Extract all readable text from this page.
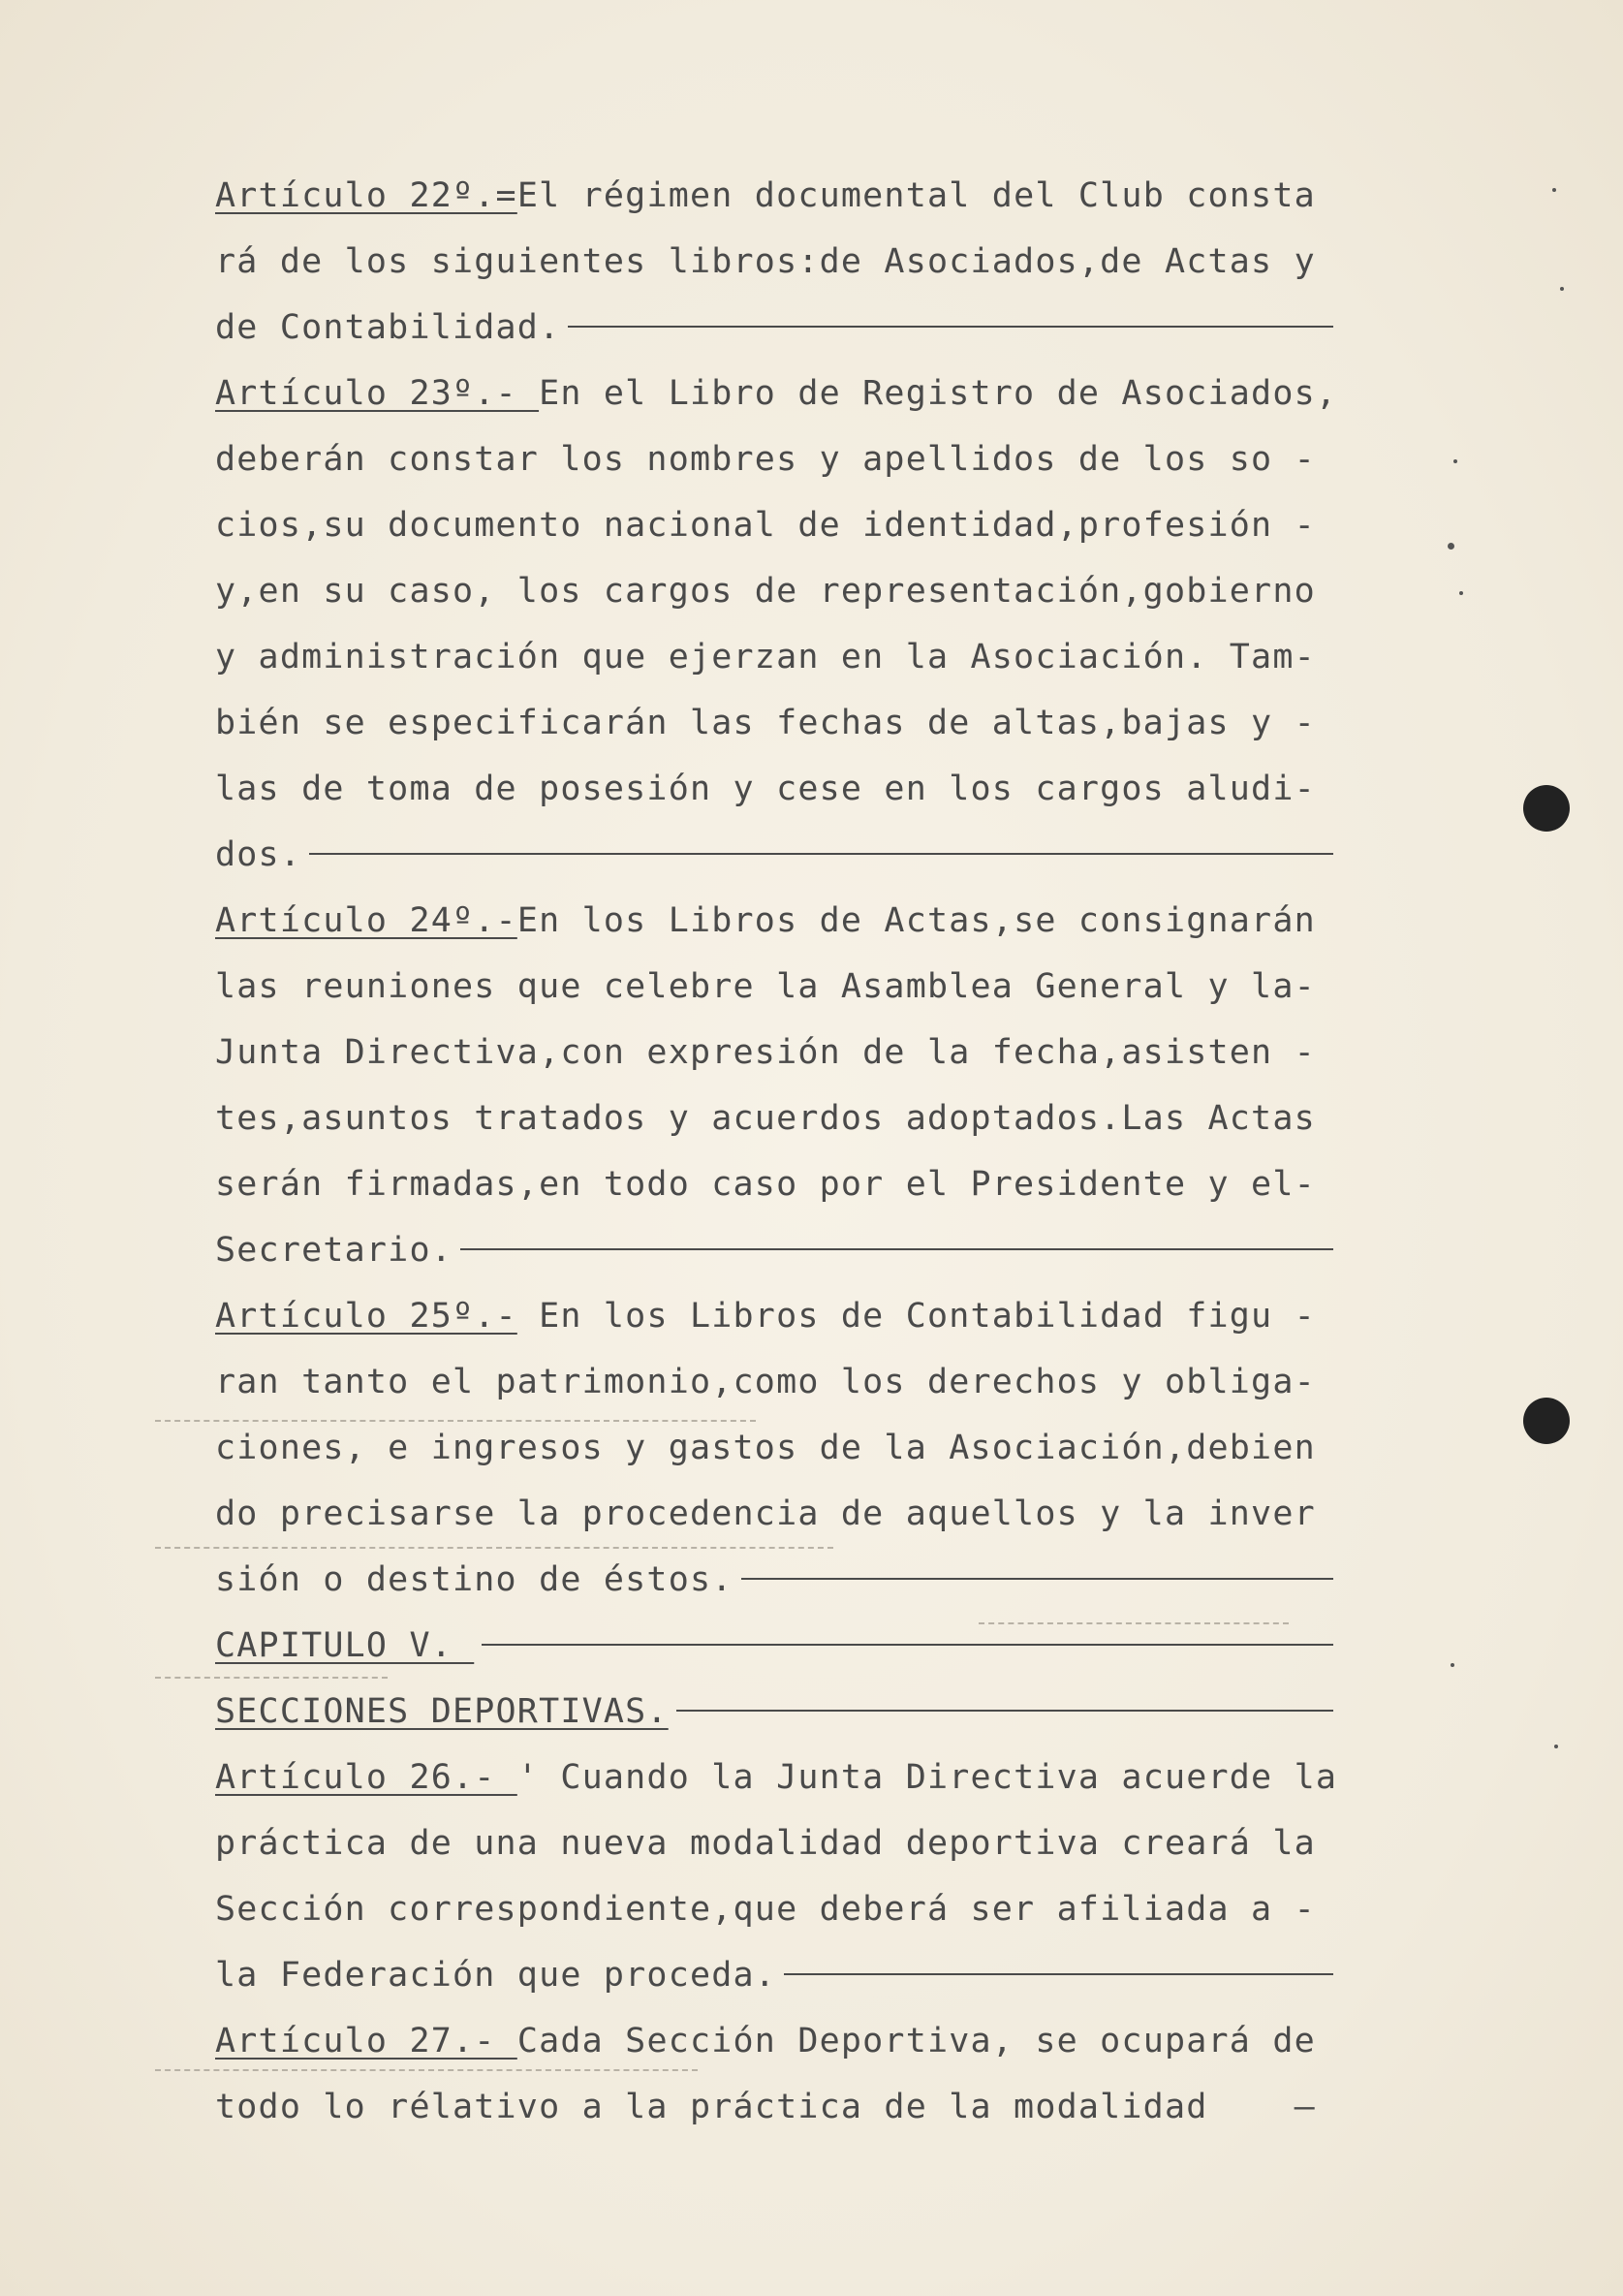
Artículo 22º.=El régimen documental del Club consta
rá de los siguientes libros:de Asociados,de Actas y
de Contabilidad.
Artículo 23º.- En el Libro de Registro de Asociados,
deberán constar los nombres y apellidos de los so -
cios,su documento nacional de identidad,profesión -
y,en su caso, los cargos de representación,gobierno
y administración que ejerzan en la Asociación. Tam-
bién se especificarán las fechas de altas,bajas y -
las de toma de posesión y cese en los cargos aludi-
dos.
Artículo 24º.-En los Libros de Actas,se consignarán
las reuniones que celebre la Asamblea General y la-
Junta Directiva,con expresión de la fecha,asisten -
tes,asuntos tratados y acuerdos adoptados.Las Actas
serán firmadas,en todo caso por el Presidente y el-
Secretario.
Artículo 25º.- En los Libros de Contabilidad figu -
ran tanto el patrimonio,como los derechos y obliga-
ciones, e ingresos y gastos de la Asociación,debien
do precisarse la procedencia de aquellos y la inver
sión o destino de éstos.
CAPITULO V.
SECCIONES DEPORTIVAS.
Artículo 26.- ' Cuando la Junta Directiva acuerde la
práctica de una nueva modalidad deportiva creará la
Sección correspondiente,que deberá ser afiliada a -
la Federación que proceda.
Artículo 27.- Cada Sección Deportiva, se ocupará de
todo lo rélativo a la práctica de la modalidad    —
